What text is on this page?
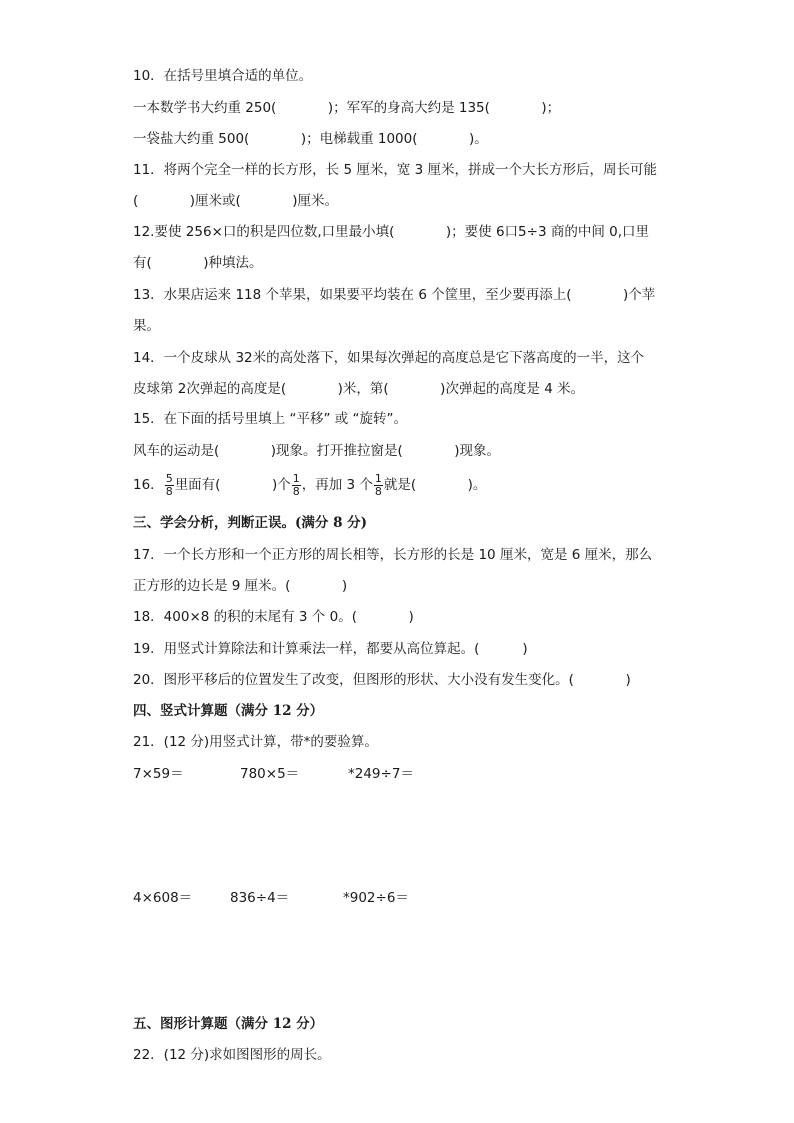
10．在括号里填合适的单位。
一本数学书大约重 250(            )；军军的身高大约是 135(            )；
一袋盐大约重 500(            )；电梯载重 1000(            )。
11．将两个完全一样的长方形，长 5 厘米，宽 3 厘米，拼成一个大长方形后，周长可能
(            )厘米或(            )厘米。
12.要使 256×口的积是四位数,口里最小填(            )；要使 6口5÷3 商的中间 0,口里
有(            )种填法。
13．水果店运来 118 个苹果，如果要平均装在 6 个筐里，至少要再添上(            )个苹
果。
14．一个皮球从 32米的高处落下，如果每次弹起的高度总是它下落高度的一半，这个
皮球第 2次弹起的高度是(            )米，第(            )次弹起的高度是 4 米。
15．在下面的括号里填上 “平移” 或 “旋转”。
风车的运动是(            )现象。打开推拉窗是(            )现象。
16． $\frac{5}{8}$ 里面有(            )个 $\frac{1}{8}$ ，再加 3 个 $\frac{1}{8}$ 就是(            )。
三、学会分析，判断正误。(满分 8 分)
17．一个长方形和一个正方形的周长相等，长方形的长是 10 厘米，宽是 6 厘米，那么
正方形的边长是 9 厘米。(            )
18．400×8 的积的末尾有 3 个 0。(            )
19．用竖式计算除法和计算乘法一样，都要从高位算起。(          )
20．图形平移后的位置发生了改变，但图形的形状、大小没有发生变化。(            )
四、竖式计算题（满分 12 分）
21．(12 分)用竖式计算，带*的要验算。
7×59＝	780×5＝	*249÷7＝
4×608＝	836÷4＝	*902÷6＝
五、图形计算题（满分 12 分）
22．(12 分)求如图图形的周长。
